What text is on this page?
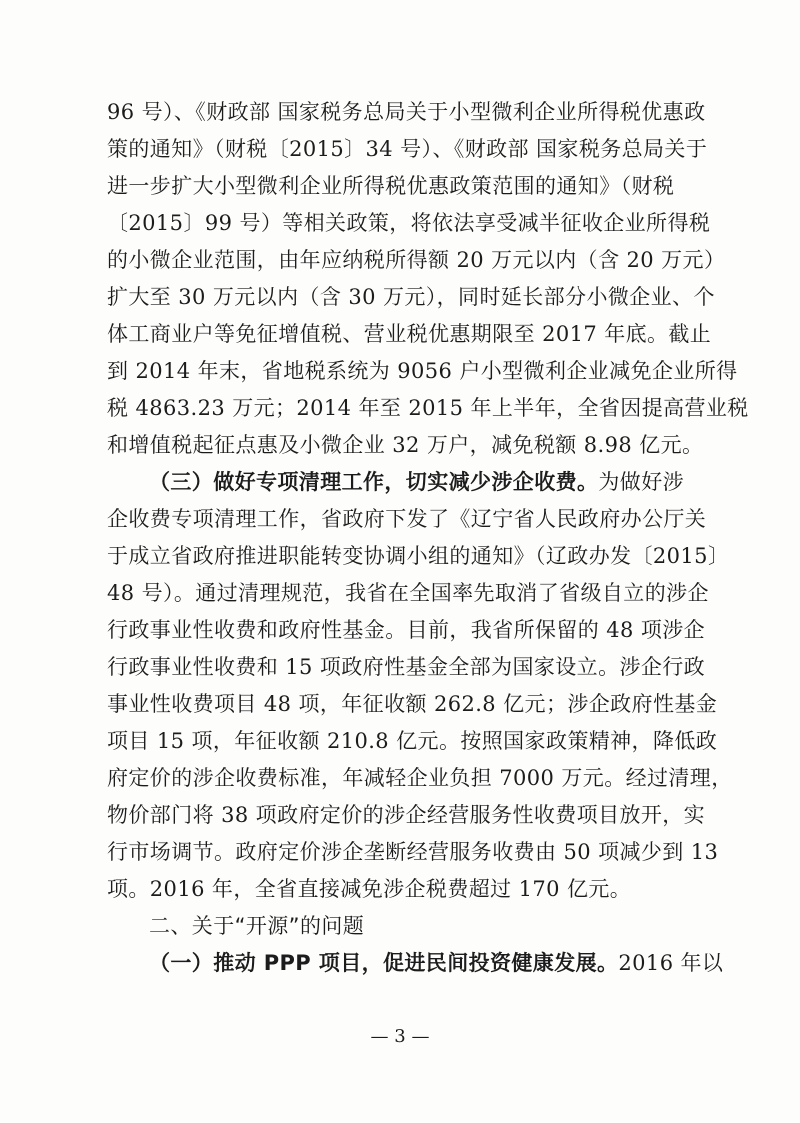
96 号）、《财政部 国家税务总局关于小型微利企业所得税优惠政
策的通知》（财税〔2015〕34 号）、《财政部 国家税务总局关于
进一步扩大小型微利企业所得税优惠政策范围的通知》（财税
〔2015〕99 号）等相关政策，将依法享受减半征收企业所得税
的小微企业范围，由年应纳税所得额 20 万元以内（含 20 万元）
扩大至 30 万元以内（含 30 万元），同时延长部分小微企业、个
体工商业户等免征增值税、营业税优惠期限至 2017 年底。截止
到 2014 年末，省地税系统为 9056 户小型微利企业减免企业所得
税 4863.23 万元；2014 年至 2015 年上半年，全省因提高营业税
和增值税起征点惠及小微企业 32 万户，减免税额 8.98 亿元。
（三）做好专项清理工作，切实减少涉企收费。为做好涉
企收费专项清理工作，省政府下发了《辽宁省人民政府办公厅关
于成立省政府推进职能转变协调小组的通知》（辽政办发〔2015〕
48 号）。通过清理规范，我省在全国率先取消了省级自立的涉企
行政事业性收费和政府性基金。目前，我省所保留的 48 项涉企
行政事业性收费和 15 项政府性基金全部为国家设立。涉企行政
事业性收费项目 48 项，年征收额 262.8 亿元；涉企政府性基金
项目 15 项，年征收额 210.8 亿元。按照国家政策精神，降低政
府定价的涉企收费标准，年减轻企业负担 7000 万元。经过清理，
物价部门将 38 项政府定价的涉企经营服务性收费项目放开，实
行市场调节。政府定价涉企垄断经营服务收费由 50 项减少到 13
项。2016 年，全省直接减免涉企税费超过 170 亿元。
二、关于“开源”的问题
（一）推动 PPP 项目，促进民间投资健康发展。2016 年以
— 3 —
